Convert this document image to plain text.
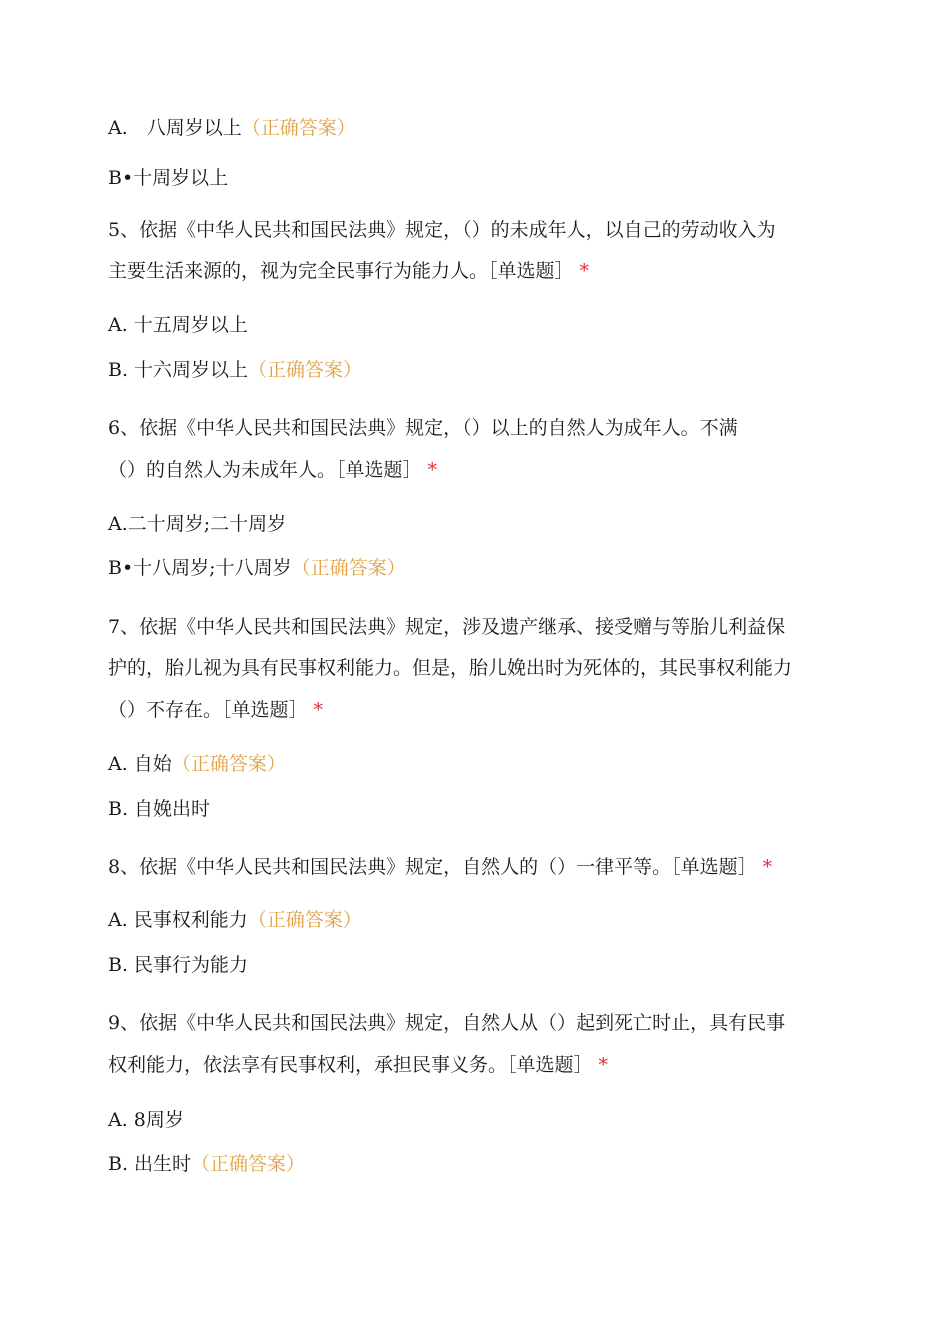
A.　八周岁以上（正确答案）
B•十周岁以上
5、依据《中华人民共和国民法典》规定，（）的未成年人，以自己的劳动收入为
主要生活来源的，视为完全民事行为能力人。［单选题］ *
A. 十五周岁以上
B. 十六周岁以上（正确答案）
6、依据《中华人民共和国民法典》规定，（）以上的自然人为成年人。不满
（）的自然人为未成年人。［单选题］ *
A.二十周岁;二十周岁
B•十八周岁;十八周岁（正确答案）
7、依据《中华人民共和国民法典》规定，涉及遗产继承、接受赠与等胎儿利益保
护的，胎儿视为具有民事权利能力。但是，胎儿娩出时为死体的，其民事权利能力
（）不存在。［单选题］ *
A. 自始（正确答案）
B. 自娩出时
8、依据《中华人民共和国民法典》规定，自然人的（）一律平等。［单选题］ *
A. 民事权利能力（正确答案）
B. 民事行为能力
9、依据《中华人民共和国民法典》规定，自然人从（）起到死亡时止，具有民事
权利能力，依法享有民事权利，承担民事义务。［单选题］ *
A. 8周岁
B. 出生时（正确答案）
